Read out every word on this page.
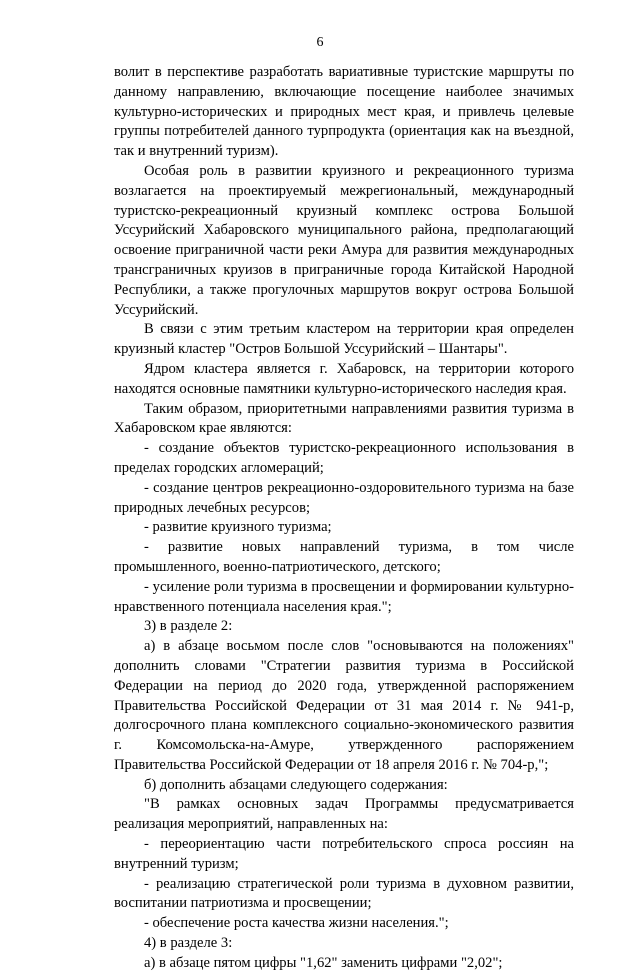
6

волит в перспективе разработать вариативные туристские маршруты по данному направлению, включающие посещение наиболее значимых культурно-исторических и природных мест края, и привлечь целевые группы потребителей данного турпродукта (ориентация как на въездной, так и внутренний туризм).

Особая роль в развитии круизного и рекреационного туризма возлагается на проектируемый межрегиональный, международный туристско-рекреационный круизный комплекс острова Большой Уссурийский Хабаровского муниципального района, предполагающий освоение приграничной части реки Амура для развития международных трансграничных круизов в приграничные города Китайской Народной Республики, а также прогулочных маршрутов вокруг острова Большой Уссурийский.

В связи с этим третьим кластером на территории края определен круизный кластер "Остров Большой Уссурийский – Шантары".

Ядром кластера является г. Хабаровск, на территории которого находятся основные памятники культурно-исторического наследия края.

Таким образом, приоритетными направлениями развития туризма в Хабаровском крае являются:

- создание объектов туристско-рекреационного использования в пределах городских агломераций;

- создание центров рекреационно-оздоровительного туризма на базе природных лечебных ресурсов;

- развитие круизного туризма;

- развитие новых направлений туризма, в том числе промышленного, военно-патриотического, детского;

- усиление роли туризма в просвещении и формировании культурно-нравственного потенциала населения края.";

3) в разделе 2:

а) в абзаце восьмом после слов "основываются на положениях" дополнить словами "Стратегии развития туризма в Российской Федерации на период до 2020 года, утвержденной распоряжением Правительства Российской Федерации от 31 мая 2014 г. № 941-р, долгосрочного плана комплексного социально-экономического развития г. Комсомольска-на-Амуре, утвержденного распоряжением Правительства Российской Федерации от 18 апреля 2016 г. № 704-р,";

б) дополнить абзацами следующего содержания:

"В рамках основных задач Программы предусматривается реализация мероприятий, направленных на:

- переориентацию части потребительского спроса россиян на внутренний туризм;

- реализацию стратегической роли туризма в духовном развитии, воспитании патриотизма и просвещении;

- обеспечение роста качества жизни населения.";

4) в разделе 3:

а) в абзаце пятом цифры "1,62" заменить цифрами "2,02";
